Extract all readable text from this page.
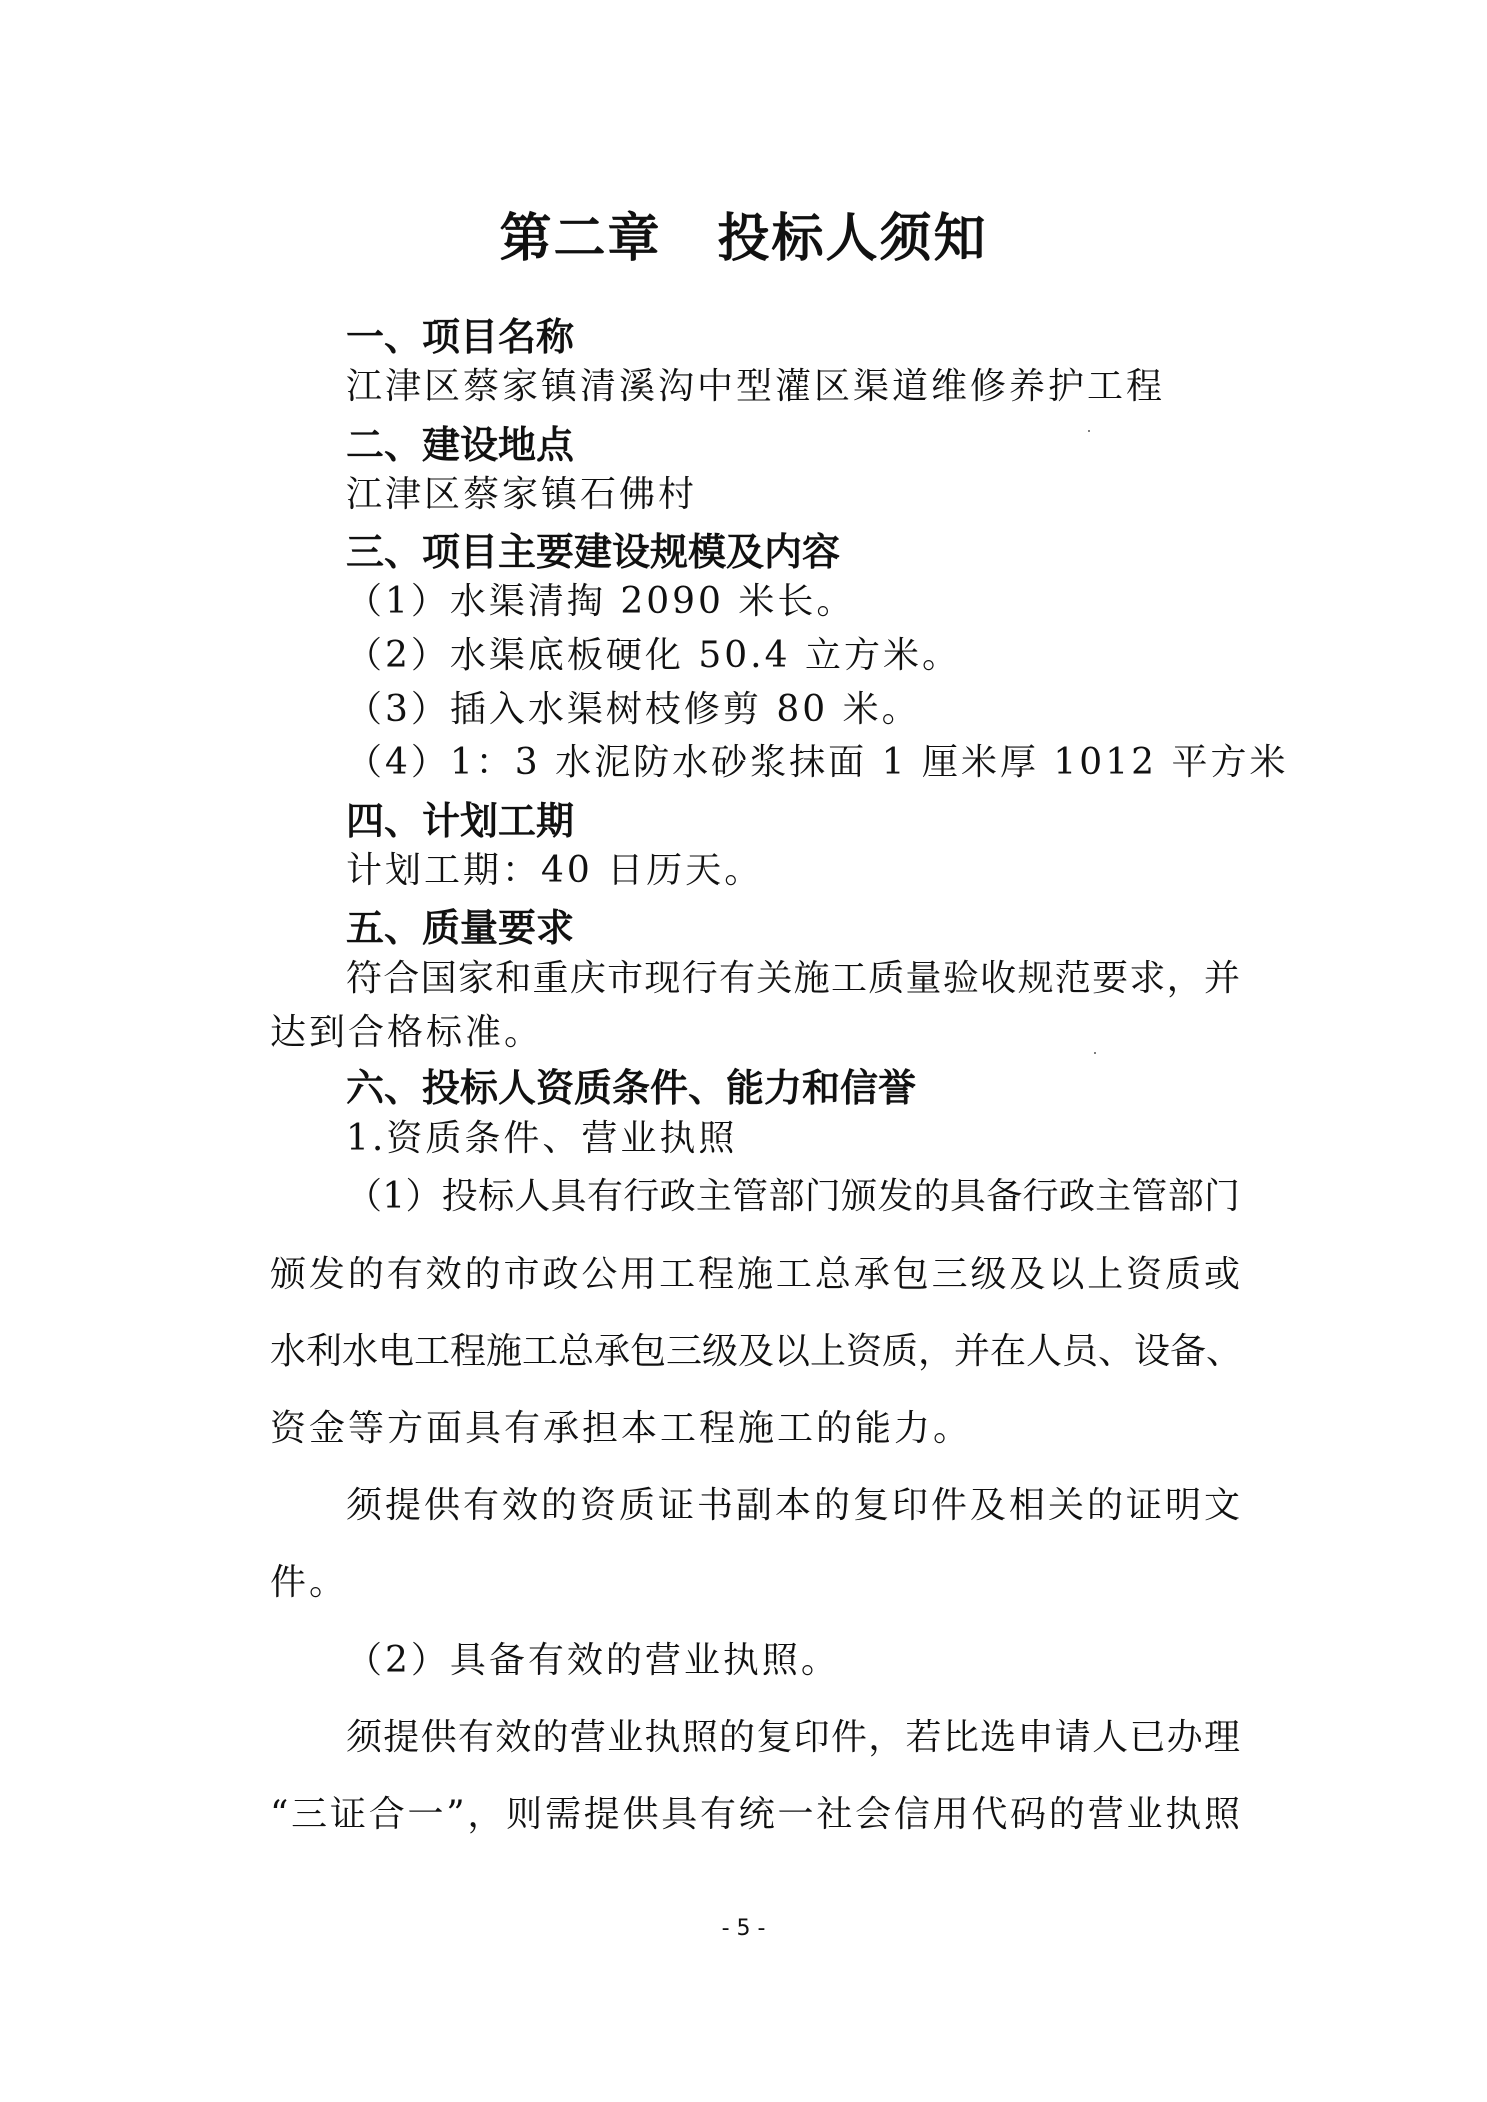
第二章 投标人须知
一、项目名称
江津区蔡家镇清溪沟中型灌区渠道维修养护工程
二、建设地点
江津区蔡家镇石佛村
三、项目主要建设规模及内容
（1）水渠清掏 2090 米长。
（2）水渠底板硬化 50.4 立方米。
（3）插入水渠树枝修剪 80 米。
（4）1：3 水泥防水砂浆抹面 1 厘米厚 1012 平方米
四、计划工期
计划工期：40 日历天。
五、质量要求
符合国家和重庆市现行有关施工质量验收规范要求，并
达到合格标准。
六、投标人资质条件、能力和信誉
1.资质条件、营业执照
（1）投标人具有行政主管部门颁发的具备行政主管部门
颁发的有效的市政公用工程施工总承包三级及以上资质或
水利水电工程施工总承包三级及以上资质，并在人员、设备、
资金等方面具有承担本工程施工的能力。
须提供有效的资质证书副本的复印件及相关的证明文
件。
（2）具备有效的营业执照。
须提供有效的营业执照的复印件，若比选申请人已办理
“三证合一”，则需提供具有统一社会信用代码的营业执照
- 5 -
